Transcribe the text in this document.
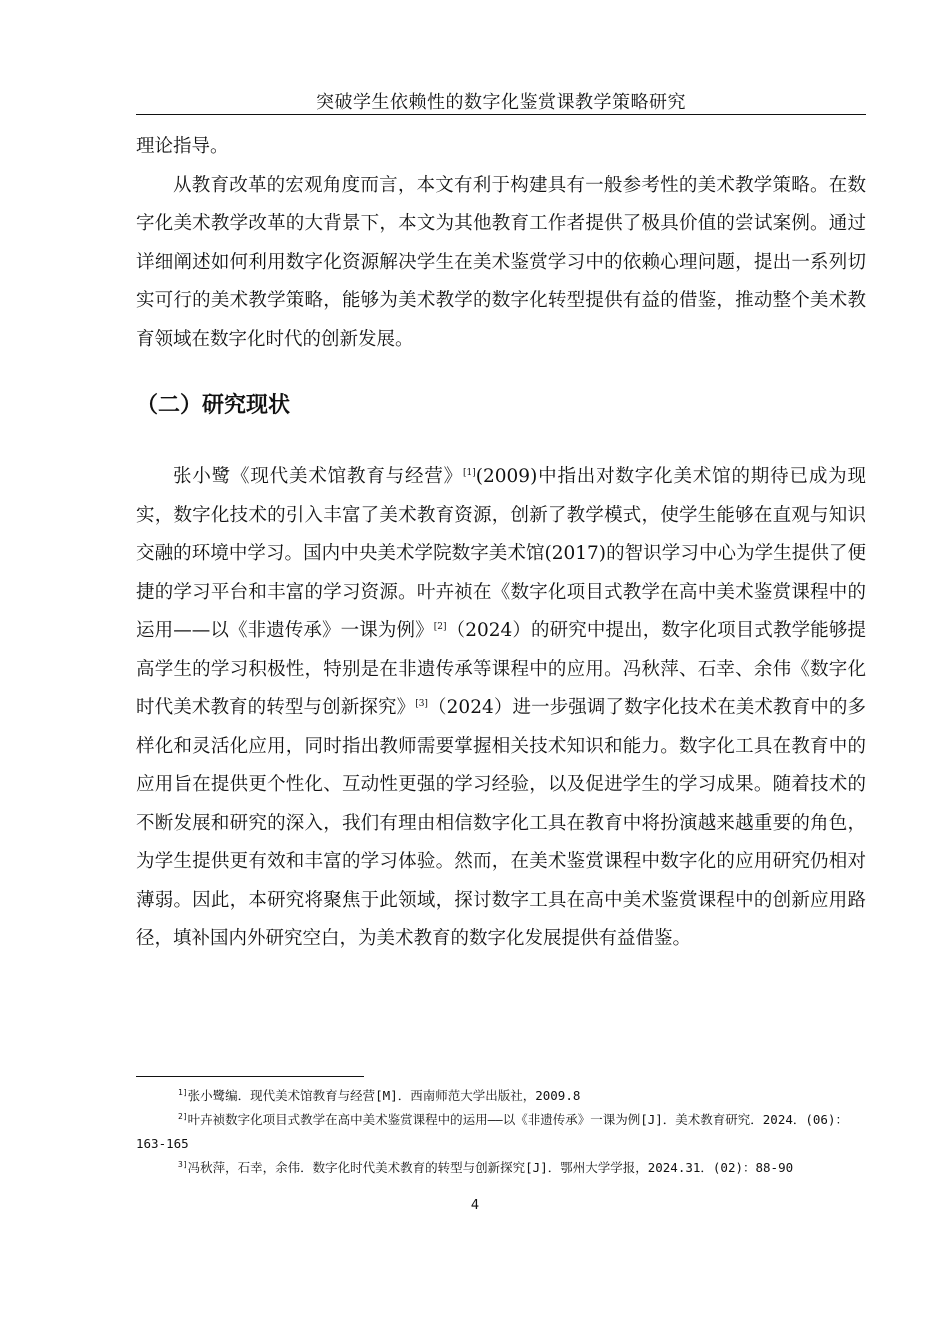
突破学生依赖性的数字化鉴赏课教学策略研究

理论指导。

从教育改革的宏观角度而言，本文有利于构建具有一般参考性的美术教学策略。在数字化美术教学改革的大背景下，本文为其他教育工作者提供了极具价值的尝试案例。通过详细阐述如何利用数字化资源解决学生在美术鉴赏学习中的依赖心理问题，提出一系列切实可行的美术教学策略，能够为美术教学的数字化转型提供有益的借鉴，推动整个美术教育领域在数字化时代的创新发展。

（二）研究现状

张小鹭《现代美术馆教育与经营》[1](2009)中指出对数字化美术馆的期待已成为现实，数字化技术的引入丰富了美术教育资源，创新了教学模式，使学生能够在直观与知识交融的环境中学习。国内中央美术学院数字美术馆(2017)的智识学习中心为学生提供了便捷的学习平台和丰富的学习资源。叶卉祯在《数字化项目式教学在高中美术鉴赏课程中的运用——以《非遗传承》一课为例》[2]（2024）的研究中提出，数字化项目式教学能够提高学生的学习积极性，特别是在非遗传承等课程中的应用。冯秋萍、石幸、余伟《数字化时代美术教育的转型与创新探究》[3]（2024）进一步强调了数字化技术在美术教育中的多样化和灵活化应用，同时指出教师需要掌握相关技术知识和能力。数字化工具在教育中的应用旨在提供更个性化、互动性更强的学习经验，以及促进学生的学习成果。随着技术的不断发展和研究的深入，我们有理由相信数字化工具在教育中将扮演越来越重要的角色，为学生提供更有效和丰富的学习体验。然而，在美术鉴赏课程中数字化的应用研究仍相对薄弱。因此，本研究将聚焦于此领域，探讨数字工具在高中美术鉴赏课程中的创新应用路径，填补国内外研究空白，为美术教育的数字化发展提供有益借鉴。

$^{1]}$张小鹭编．现代美术馆教育与经营[M]．西南师范大学出版社，2009.8

$^{2]}$叶卉祯数字化项目式教学在高中美术鉴赏课程中的运用——以《非遗传承》一课为例[J]．美术教育研究．2024．(06)：163-165

$^{3]}$冯秋萍，石幸，余伟．数字化时代美术教育的转型与创新探究[J]．鄂州大学学报，2024.31．(02)：88-90

4
